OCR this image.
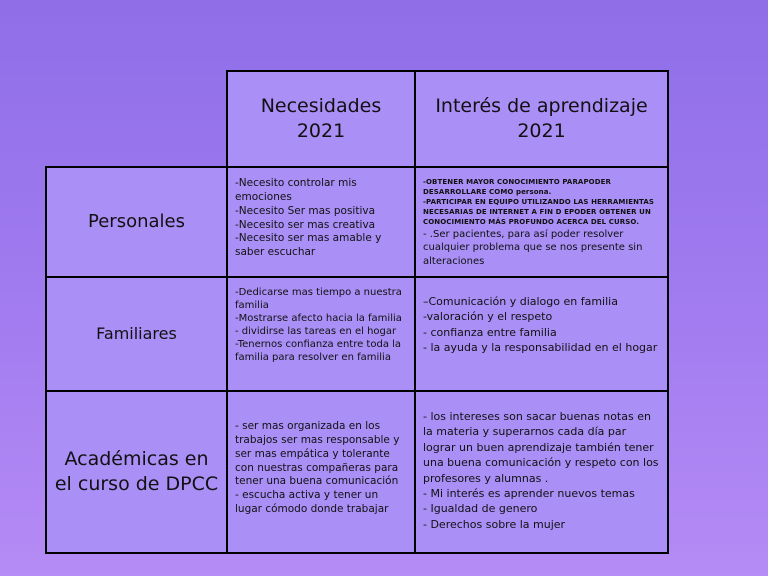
Necesidades
2021
Interés de aprendizaje
2021
Personales
-Necesito controlar mis emociones
-Necesito Ser mas positiva
-Necesito ser mas creativa
-Necesito ser mas amable y saber escuchar
-OBTENER MAYOR CONOCIMIENTO PARAPODER DESARROLLARE COMO persona.
-PARTICIPAR EN EQUIPO UTILIZANDO LAS HERRAMIENTAS NECESARIAS DE INTERNET A FIN D EPODER OBTENER UN CONOCIMIENTO MÁS PROFUNDO ACERCA DEL CURSO.
- .Ser pacientes, para así poder resolver cualquier problema que se nos presente sin alteraciones
Familiares
-Dedicarse mas tiempo a nuestra familia
-Mostrarse afecto hacia la familia
- dividirse las tareas en el hogar
-Tenernos confianza entre toda la familia para resolver en familia
–Comunicación y dialogo en familia
-valoración y el respeto
- confianza entre familia
- la ayuda y la responsabilidad en el hogar
Académicas en el curso de DPCC
- ser mas organizada en los trabajos ser mas responsable y ser mas empática y tolerante con nuestras compañeras para tener una buena comunicación
- escucha activa y tener un lugar cómodo donde trabajar
- los intereses son sacar buenas notas en la materia y superarnos cada día par lograr un buen aprendizaje también tener una buena comunicación y respeto con los profesores y alumnas .
- Mi interés es aprender nuevos temas
- Igualdad de genero
- Derechos sobre la mujer
